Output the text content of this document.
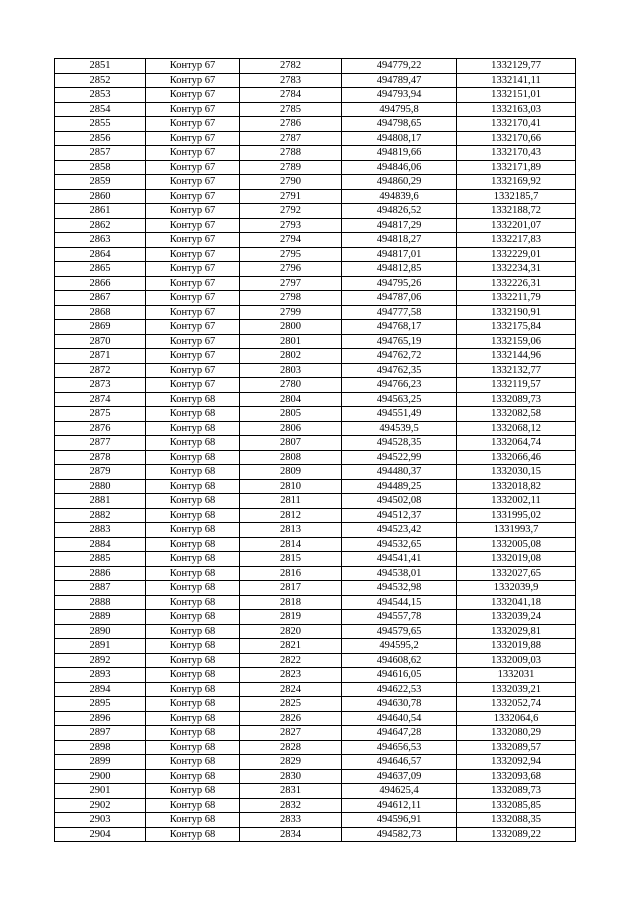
2851	Контур 67	2782	494779,22	1332129,77
2852	Контур 67	2783	494789,47	1332141,11
2853	Контур 67	2784	494793,94	1332151,01
2854	Контур 67	2785	494795,8	1332163,03
2855	Контур 67	2786	494798,65	1332170,41
2856	Контур 67	2787	494808,17	1332170,66
2857	Контур 67	2788	494819,66	1332170,43
2858	Контур 67	2789	494846,06	1332171,89
2859	Контур 67	2790	494860,29	1332169,92
2860	Контур 67	2791	494839,6	1332185,7
2861	Контур 67	2792	494826,52	1332188,72
2862	Контур 67	2793	494817,29	1332201,07
2863	Контур 67	2794	494818,27	1332217,83
2864	Контур 67	2795	494817,01	1332229,01
2865	Контур 67	2796	494812,85	1332234,31
2866	Контур 67	2797	494795,26	1332226,31
2867	Контур 67	2798	494787,06	1332211,79
2868	Контур 67	2799	494777,58	1332190,91
2869	Контур 67	2800	494768,17	1332175,84
2870	Контур 67	2801	494765,19	1332159,06
2871	Контур 67	2802	494762,72	1332144,96
2872	Контур 67	2803	494762,35	1332132,77
2873	Контур 67	2780	494766,23	1332119,57
2874	Контур 68	2804	494563,25	1332089,73
2875	Контур 68	2805	494551,49	1332082,58
2876	Контур 68	2806	494539,5	1332068,12
2877	Контур 68	2807	494528,35	1332064,74
2878	Контур 68	2808	494522,99	1332066,46
2879	Контур 68	2809	494480,37	1332030,15
2880	Контур 68	2810	494489,25	1332018,82
2881	Контур 68	2811	494502,08	1332002,11
2882	Контур 68	2812	494512,37	1331995,02
2883	Контур 68	2813	494523,42	1331993,7
2884	Контур 68	2814	494532,65	1332005,08
2885	Контур 68	2815	494541,41	1332019,08
2886	Контур 68	2816	494538,01	1332027,65
2887	Контур 68	2817	494532,98	1332039,9
2888	Контур 68	2818	494544,15	1332041,18
2889	Контур 68	2819	494557,78	1332039,24
2890	Контур 68	2820	494579,65	1332029,81
2891	Контур 68	2821	494595,2	1332019,88
2892	Контур 68	2822	494608,62	1332009,03
2893	Контур 68	2823	494616,05	1332031
2894	Контур 68	2824	494622,53	1332039,21
2895	Контур 68	2825	494630,78	1332052,74
2896	Контур 68	2826	494640,54	1332064,6
2897	Контур 68	2827	494647,28	1332080,29
2898	Контур 68	2828	494656,53	1332089,57
2899	Контур 68	2829	494646,57	1332092,94
2900	Контур 68	2830	494637,09	1332093,68
2901	Контур 68	2831	494625,4	1332089,73
2902	Контур 68	2832	494612,11	1332085,85
2903	Контур 68	2833	494596,91	1332088,35
2904	Контур 68	2834	494582,73	1332089,22
